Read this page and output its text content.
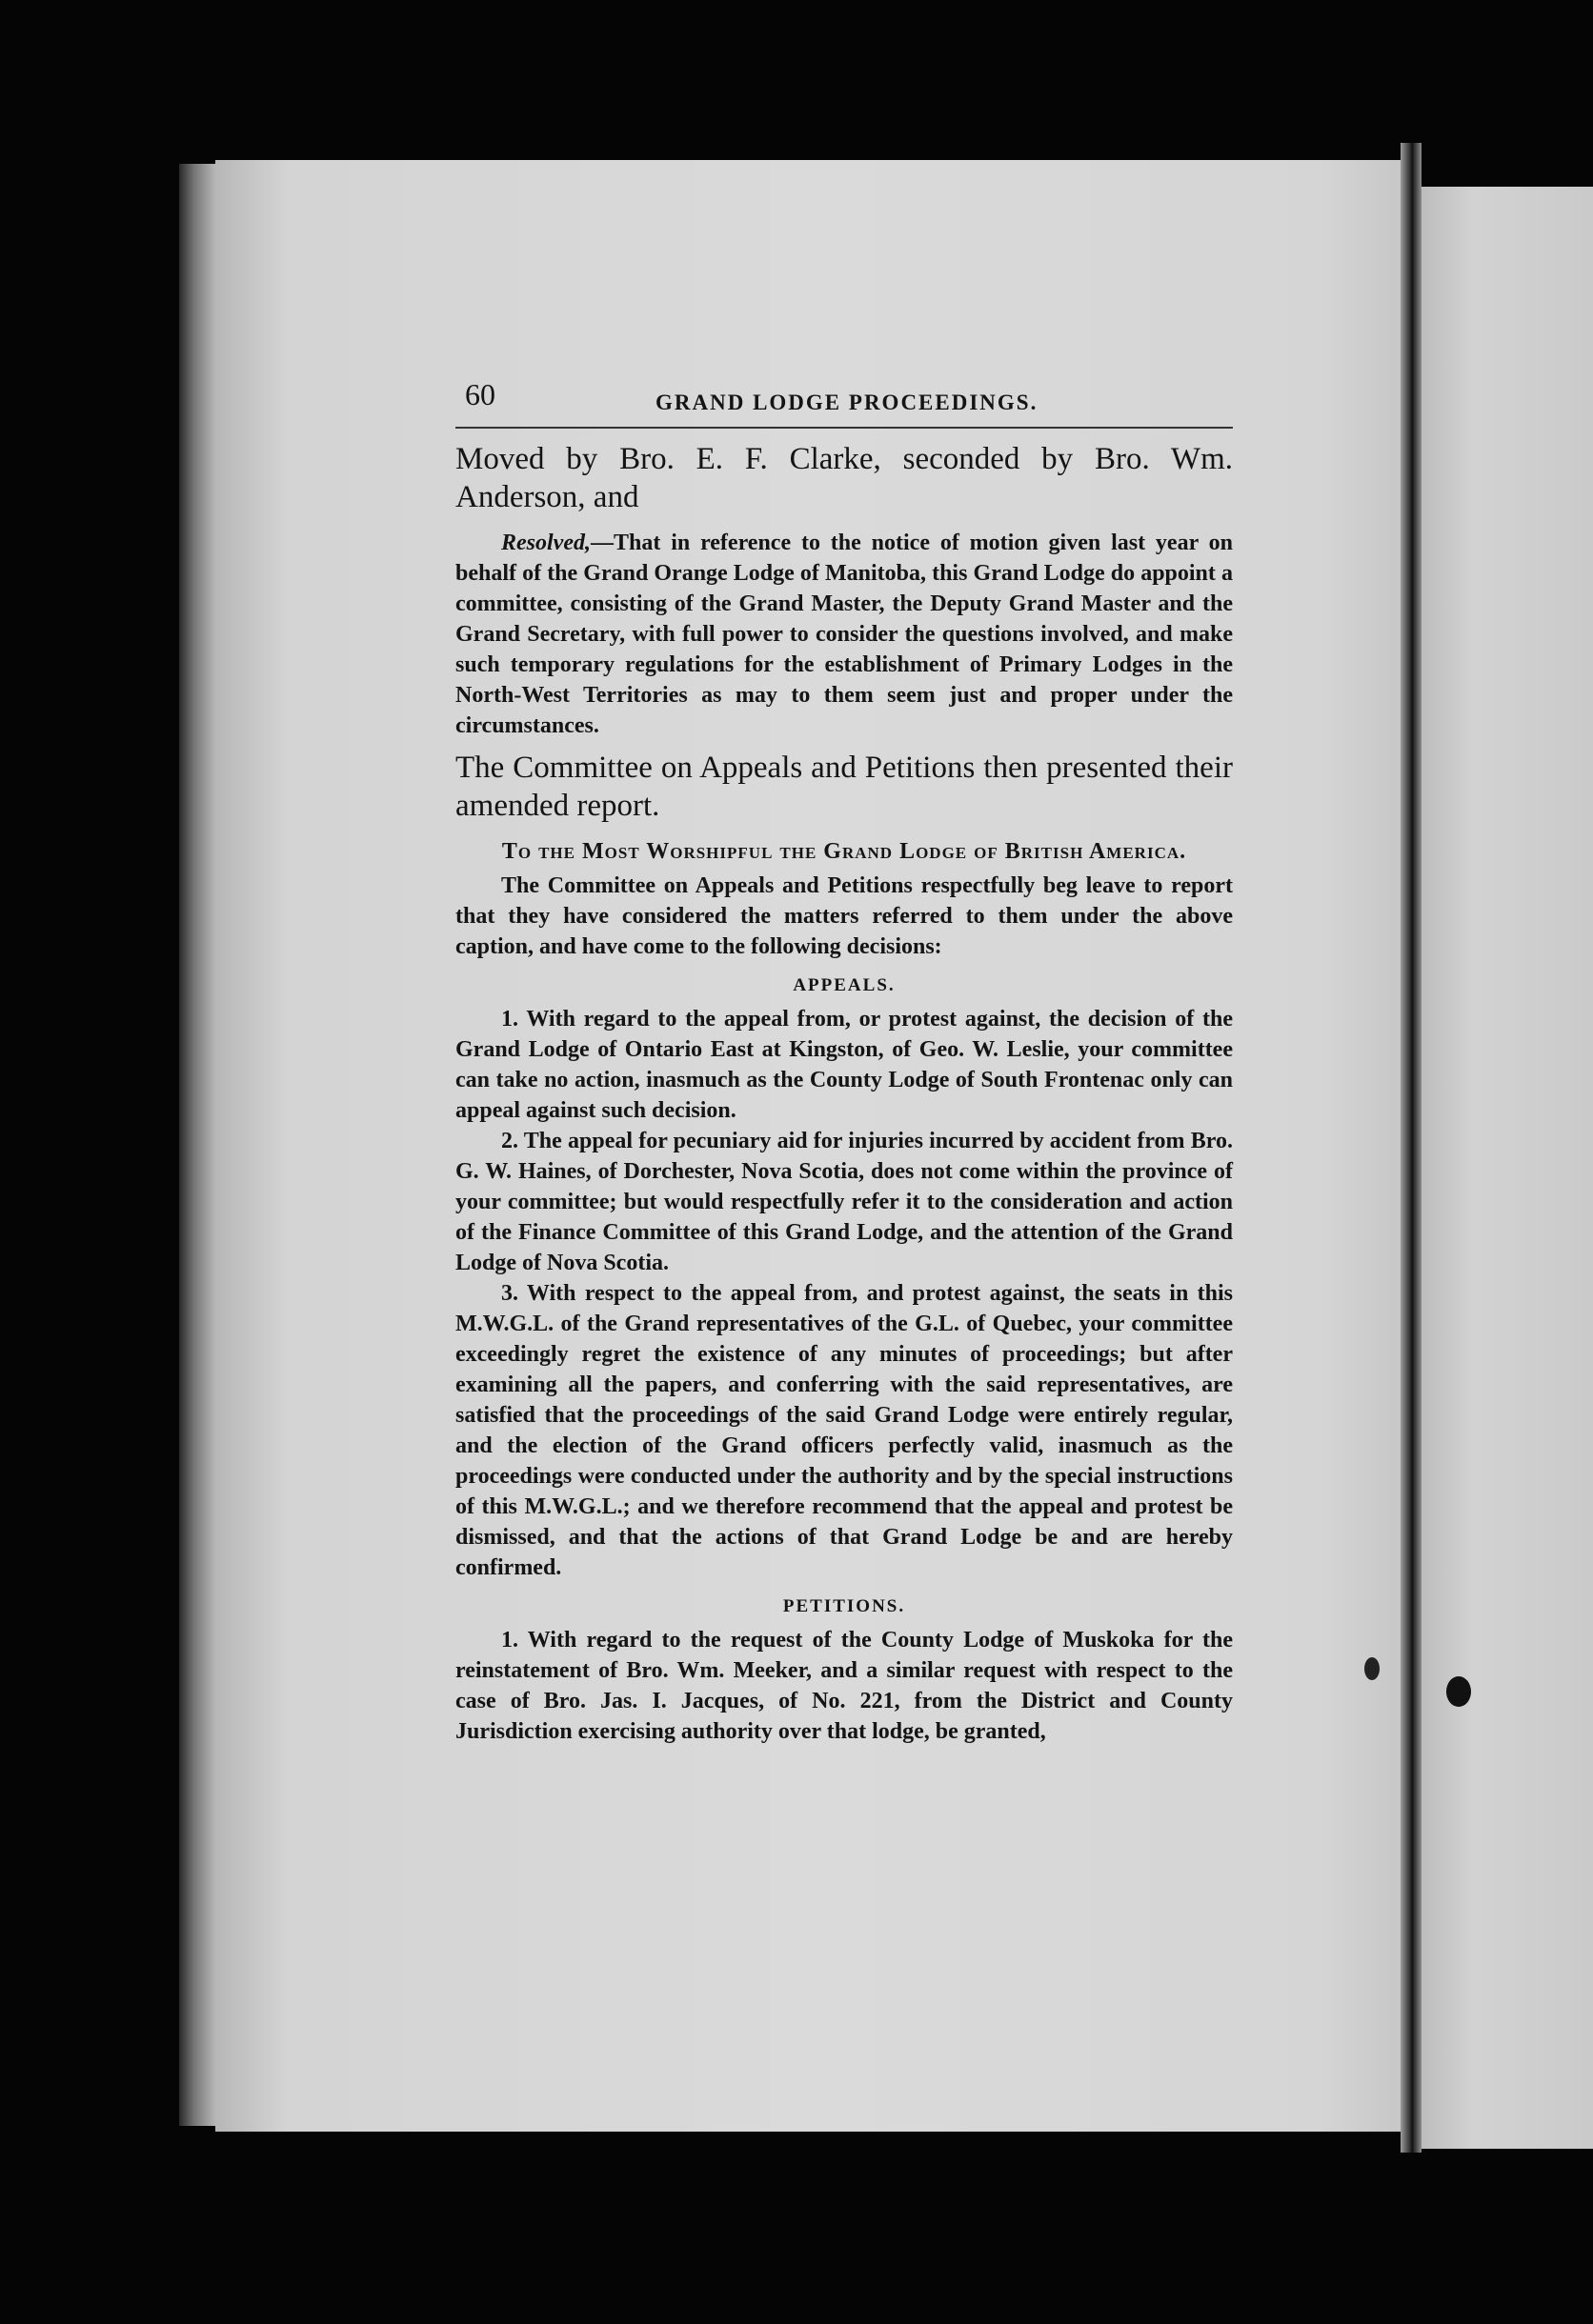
60	GRAND LODGE PROCEEDINGS.

Moved by Bro. E. F. Clarke, seconded by Bro. Wm. Anderson, and

Resolved,—That in reference to the notice of motion given last year on behalf of the Grand Orange Lodge of Manitoba, this Grand Lodge do appoint a committee, consisting of the Grand Master, the Deputy Grand Master and the Grand Secretary, with full power to consider the questions involved, and make such temporary regulations for the establishment of Primary Lodges in the North-West Territories as may to them seem just and proper under the circumstances.

The Committee on Appeals and Petitions then presented their amended report.

To the Most Worshipful the Grand Lodge of British America.

The Committee on Appeals and Petitions respectfully beg leave to report that they have considered the matters referred to them under the above caption, and have come to the following decisions:

APPEALS.

1. With regard to the appeal from, or protest against, the decision of the Grand Lodge of Ontario East at Kingston, of Geo. W. Leslie, your committee can take no action, inasmuch as the County Lodge of South Frontenac only can appeal against such decision.

2. The appeal for pecuniary aid for injuries incurred by accident from Bro. G. W. Haines, of Dorchester, Nova Scotia, does not come within the province of your committee; but would respectfully refer it to the consideration and action of the Finance Committee of this Grand Lodge, and the attention of the Grand Lodge of Nova Scotia.

3. With respect to the appeal from, and protest against, the seats in this M.W.G.L. of the Grand representatives of the G.L. of Quebec, your committee exceedingly regret the existence of any minutes of proceedings; but after examining all the papers, and conferring with the said representatives, are satisfied that the proceedings of the said Grand Lodge were entirely regular, and the election of the Grand officers perfectly valid, inasmuch as the proceedings were conducted under the authority and by the special instructions of this M.W.G.L.; and we therefore recommend that the appeal and protest be dismissed, and that the actions of that Grand Lodge be and are hereby confirmed.

PETITIONS.

1. With regard to the request of the County Lodge of Muskoka for the reinstatement of Bro. Wm. Meeker, and a similar request with respect to the case of Bro. Jas. I. Jacques, of No. 221, from the District and County Jurisdiction exercising authority over that lodge, be granted,
